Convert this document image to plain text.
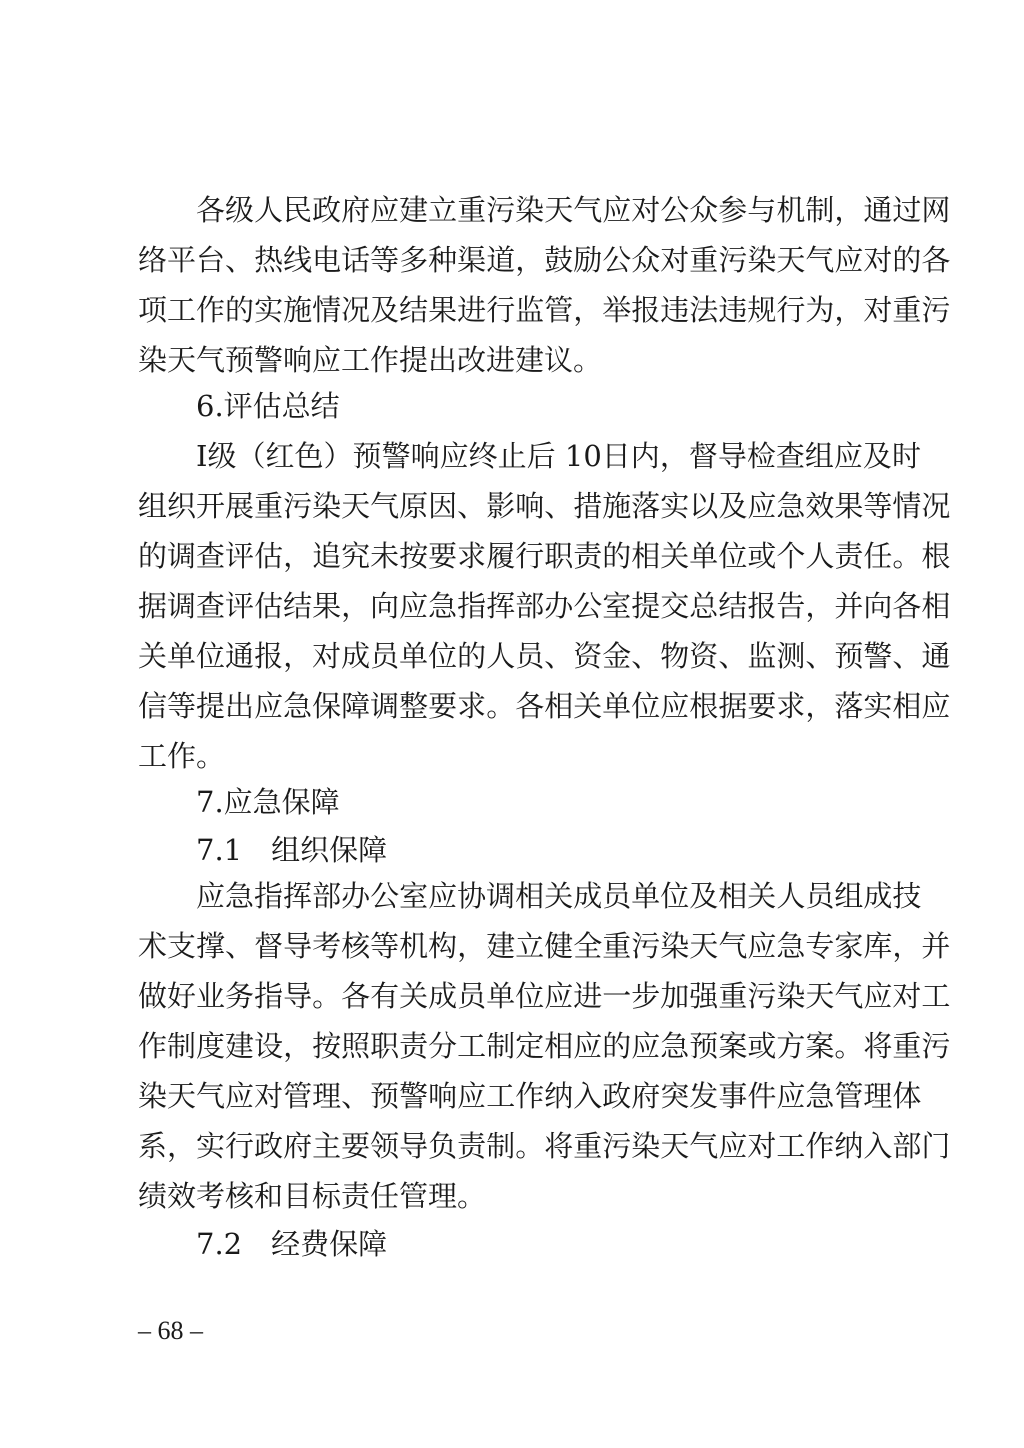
各 级 人 民 政 府 应 建 立 重 污 染 天 气 应 对 公 众 参 与 机 制 ， 通 过 网
络 平 台 、 热 线 电 话 等 多 种 渠 道 ， 鼓 励 公 众 对 重 污 染 天 气 应 对 的 各
项 工 作 的 实 施 情 况 及 结 果 进 行 监 管 ， 举 报 违 法 违 规 行 为 ， 对 重 污
染天气预警响应工作提出改进建议。
6.评估总结
Ⅰ 级 （ 红 色 ） 预 警 响 应 终 止 后
10 日 内 ， 督 导 检 查 组 应 及 时
组 织 开 展 重 污 染 天 气 原 因 、 影 响 、 措 施 落 实 以 及 应 急 效 果 等 情 况
的 调 查 评 估 ， 追 究 未 按 要 求 履 行 职 责 的 相 关 单 位 或 个 人 责 任 。 根
据 调 查 评 估 结 果 ， 向 应 急 指 挥 部 办 公 室 提 交 总 结 报 告 ， 并 向 各 相
关 单 位 通 报 ， 对 成 员 单 位 的 人 员 、 资 金 、 物 资 、 监 测 、 预 警 、 通
信 等 提 出 应 急 保 障 调 整 要 求 。 各 相 关 单 位 应 根 据 要 求 ， 落 实 相 应
工作。
7.应急保障
7.1　组织保障
应 急 指 挥 部 办 公 室 应 协 调 相 关 成 员 单 位 及 相 关 人 员 组 成 技
术 支 撑 、 督 导 考 核 等 机 构 ， 建 立 健 全 重 污 染 天 气 应 急 专 家 库 ， 并
做 好 业 务 指 导 。 各 有 关 成 员 单 位 应 进 一 步 加 强 重 污 染 天 气 应 对 工
作 制 度 建 设 ， 按 照 职 责 分 工 制 定 相 应 的 应 急 预 案 或 方 案 。 将 重 污
染 天 气 应 对 管 理 、 预 警 响 应 工 作 纳 入 政 府 突 发 事 件 应 急 管 理 体
系 ， 实 行 政 府 主 要 领 导 负 责 制 。 将 重 污 染 天 气 应 对 工 作 纳 入 部 门
绩效考核和目标责任管理。
7.2　经费保障
– 68 –
